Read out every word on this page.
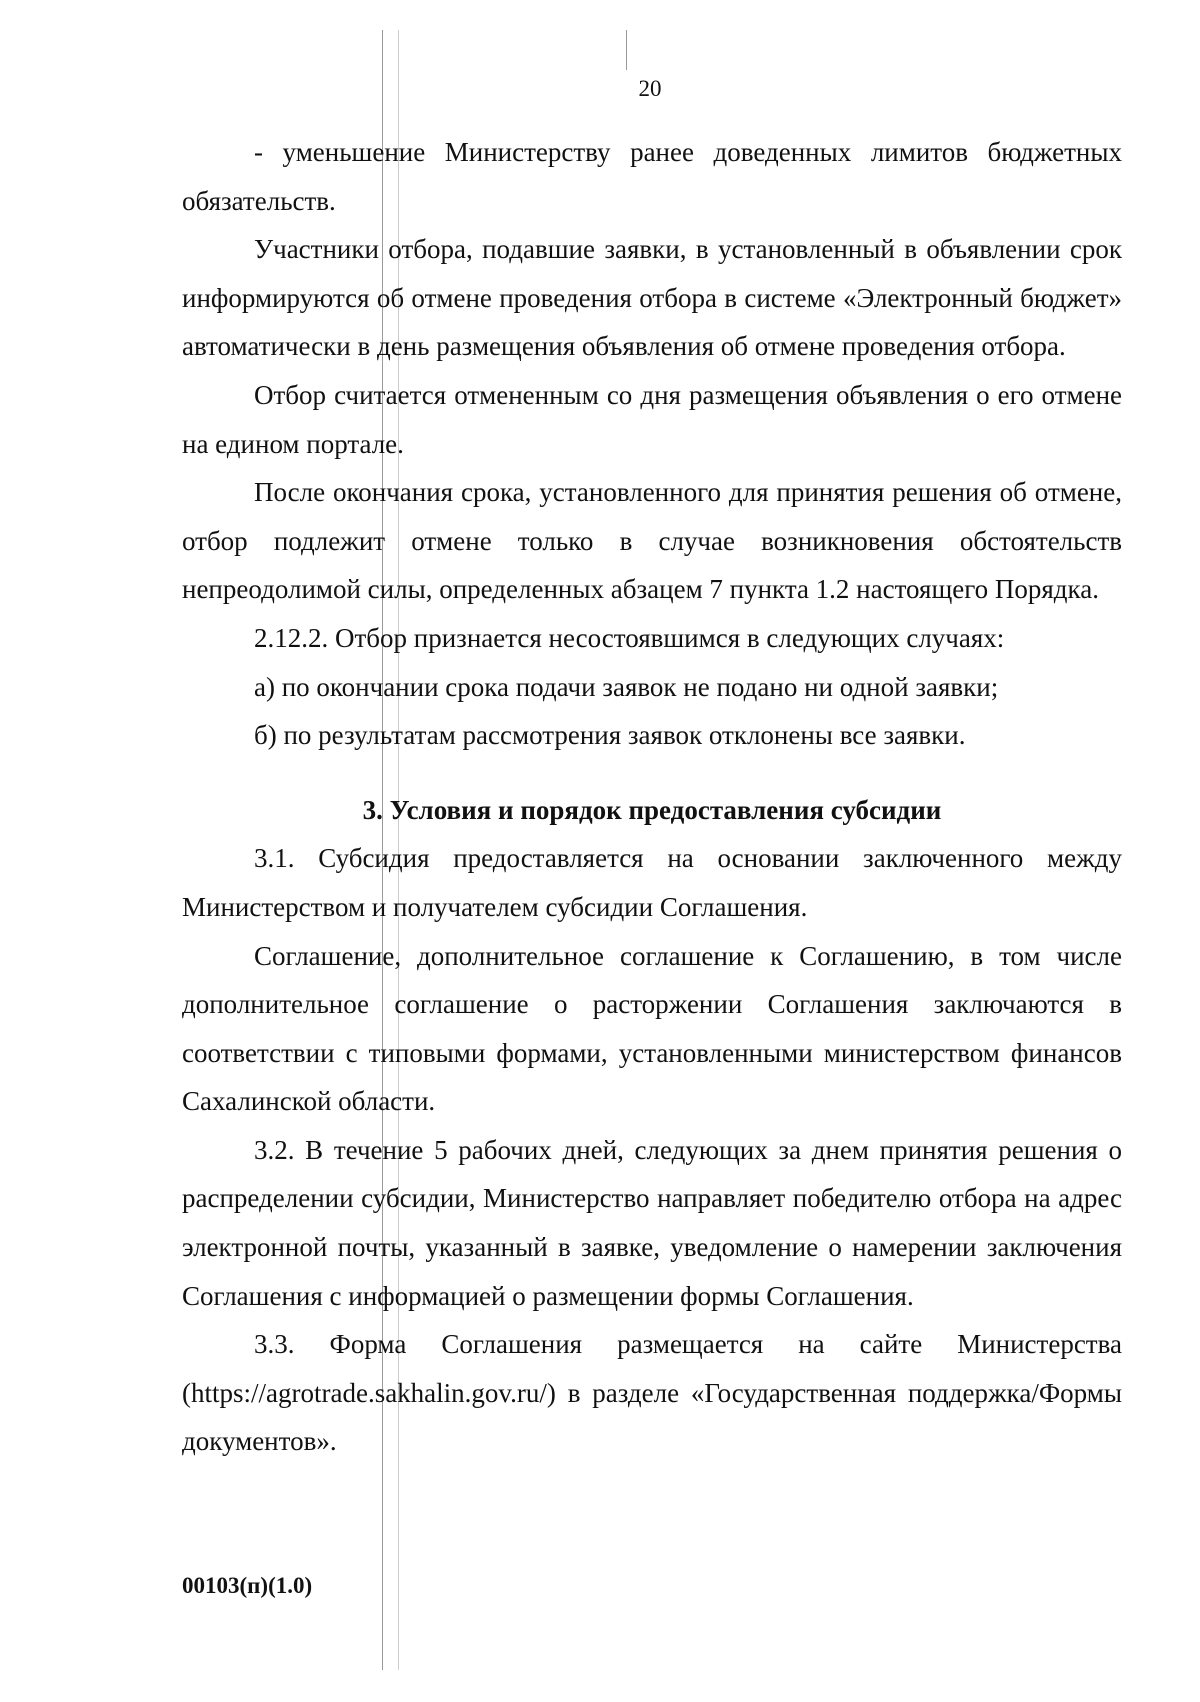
20

- уменьшение Министерству ранее доведенных лимитов бюджетных обязательств.

Участники отбора, подавшие заявки, в установленный в объявлении срок информируются об отмене проведения отбора в системе «Электронный бюджет» автоматически в день размещения объявления об отмене проведения отбора.

Отбор считается отмененным со дня размещения объявления о его отмене на едином портале.

После окончания срока, установленного для принятия решения об отмене, отбор подлежит отмене только в случае возникновения обстоятельств непреодолимой силы, определенных абзацем 7 пункта 1.2 настоящего Порядка.

2.12.2. Отбор признается несостоявшимся в следующих случаях:

а) по окончании срока подачи заявок не подано ни одной заявки;

б) по результатам рассмотрения заявок отклонены все заявки.

3. Условия и порядок предоставления субсидии

3.1. Субсидия предоставляется на основании заключенного между Министерством и получателем субсидии Соглашения.

Соглашение, дополнительное соглашение к Соглашению, в том числе дополнительное соглашение о расторжении Соглашения заключаются в соответствии с типовыми формами, установленными министерством финансов Сахалинской области.

3.2. В течение 5 рабочих дней, следующих за днем принятия решения о распределении субсидии, Министерство направляет победителю отбора на адрес электронной почты, указанный в заявке, уведомление о намерении заключения Соглашения с информацией о размещении формы Соглашения.

3.3. Форма Соглашения размещается на сайте Министерства (https://agrotrade.sakhalin.gov.ru/) в разделе «Государственная поддержка/Формы документов».

00103(п)(1.0)
